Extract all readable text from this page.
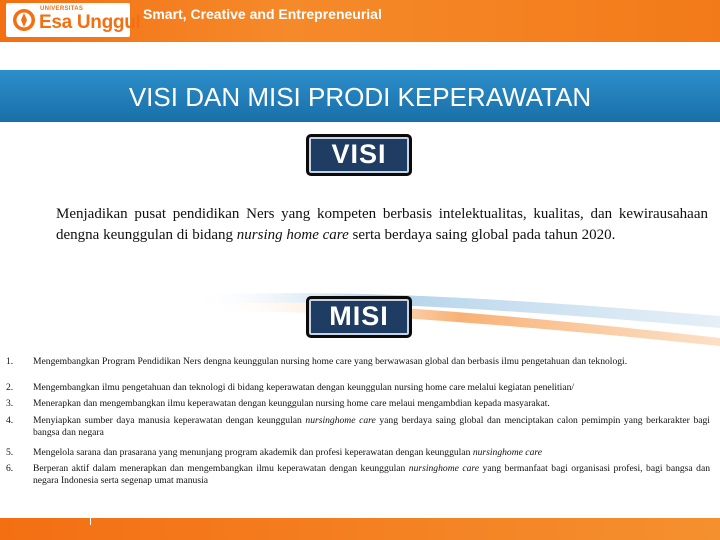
UNIVERSITAS
Esa Unggul Smart, Creative and Entrepreneurial
VISI DAN MISI PRODI KEPERAWATAN
VISI
Menjadikan pusat pendidikan Ners yang kompeten berbasis intelektualitas, kualitas, dan kewirausahaan dengna keunggulan di bidang nursing home care serta berdaya saing global pada tahun 2020.
MISI
1.	Mengembangkan Program Pendidikan Ners dengna keunggulan nursing home care yang berwawasan global dan berbasis ilmu pengetahuan dan teknologi.
2.	Mengembangkan ilmu pengetahuan dan teknologi di bidang keperawatan dengan keunggulan nursing home care melalui kegiatan penelitian/
3.	Menerapkan dan mengembangkan ilmu keperawatan dengan keunggulan nursing home care melaui mengambdian kepada masyarakat.
4.	Menyiapkan sumber daya manusia keperawatan dengan keunggulan nursinghome care yang berdaya saing global dan menciptakan calon pemimpin yang berkarakter bagi bangsa dan negara
5.	Mengelola sarana dan prasarana yang menunjang program akademik dan profesi keperawatan dengan keunggulan nursinghome care
6.	Berperan aktif dalam menerapkan dan mengembangkan ilmu keperawatan dengan keunggulan nursinghome care yang bermanfaat bagi organisasi profesi, bagi bangsa dan negara Indonesia serta segenap umat manusia
